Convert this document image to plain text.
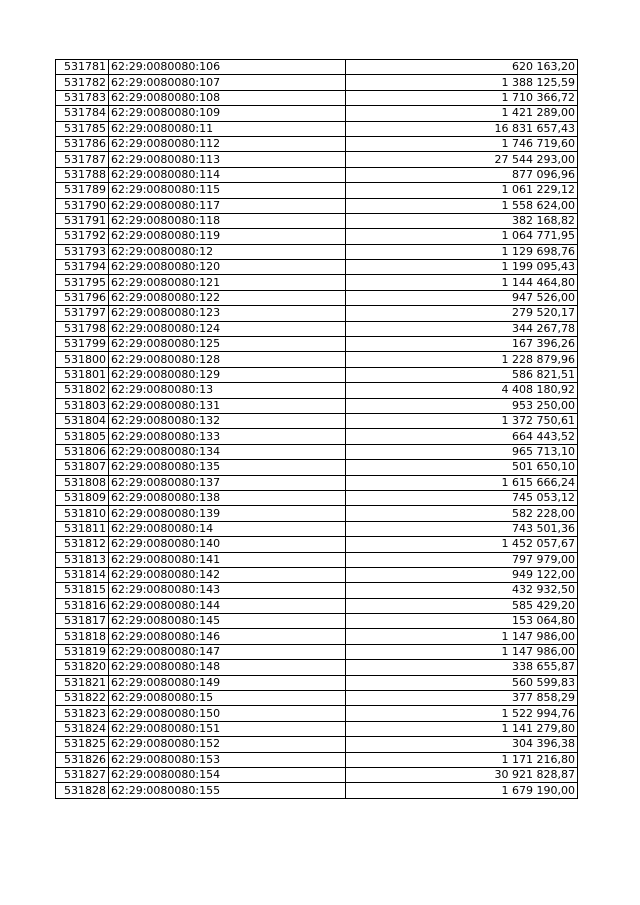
531781	62:29:0080080:106	620 163,20
531782	62:29:0080080:107	1 388 125,59
531783	62:29:0080080:108	1 710 366,72
531784	62:29:0080080:109	1 421 289,00
531785	62:29:0080080:11	16 831 657,43
531786	62:29:0080080:112	1 746 719,60
531787	62:29:0080080:113	27 544 293,00
531788	62:29:0080080:114	877 096,96
531789	62:29:0080080:115	1 061 229,12
531790	62:29:0080080:117	1 558 624,00
531791	62:29:0080080:118	382 168,82
531792	62:29:0080080:119	1 064 771,95
531793	62:29:0080080:12	1 129 698,76
531794	62:29:0080080:120	1 199 095,43
531795	62:29:0080080:121	1 144 464,80
531796	62:29:0080080:122	947 526,00
531797	62:29:0080080:123	279 520,17
531798	62:29:0080080:124	344 267,78
531799	62:29:0080080:125	167 396,26
531800	62:29:0080080:128	1 228 879,96
531801	62:29:0080080:129	586 821,51
531802	62:29:0080080:13	4 408 180,92
531803	62:29:0080080:131	953 250,00
531804	62:29:0080080:132	1 372 750,61
531805	62:29:0080080:133	664 443,52
531806	62:29:0080080:134	965 713,10
531807	62:29:0080080:135	501 650,10
531808	62:29:0080080:137	1 615 666,24
531809	62:29:0080080:138	745 053,12
531810	62:29:0080080:139	582 228,00
531811	62:29:0080080:14	743 501,36
531812	62:29:0080080:140	1 452 057,67
531813	62:29:0080080:141	797 979,00
531814	62:29:0080080:142	949 122,00
531815	62:29:0080080:143	432 932,50
531816	62:29:0080080:144	585 429,20
531817	62:29:0080080:145	153 064,80
531818	62:29:0080080:146	1 147 986,00
531819	62:29:0080080:147	1 147 986,00
531820	62:29:0080080:148	338 655,87
531821	62:29:0080080:149	560 599,83
531822	62:29:0080080:15	377 858,29
531823	62:29:0080080:150	1 522 994,76
531824	62:29:0080080:151	1 141 279,80
531825	62:29:0080080:152	304 396,38
531826	62:29:0080080:153	1 171 216,80
531827	62:29:0080080:154	30 921 828,87
531828	62:29:0080080:155	1 679 190,00
